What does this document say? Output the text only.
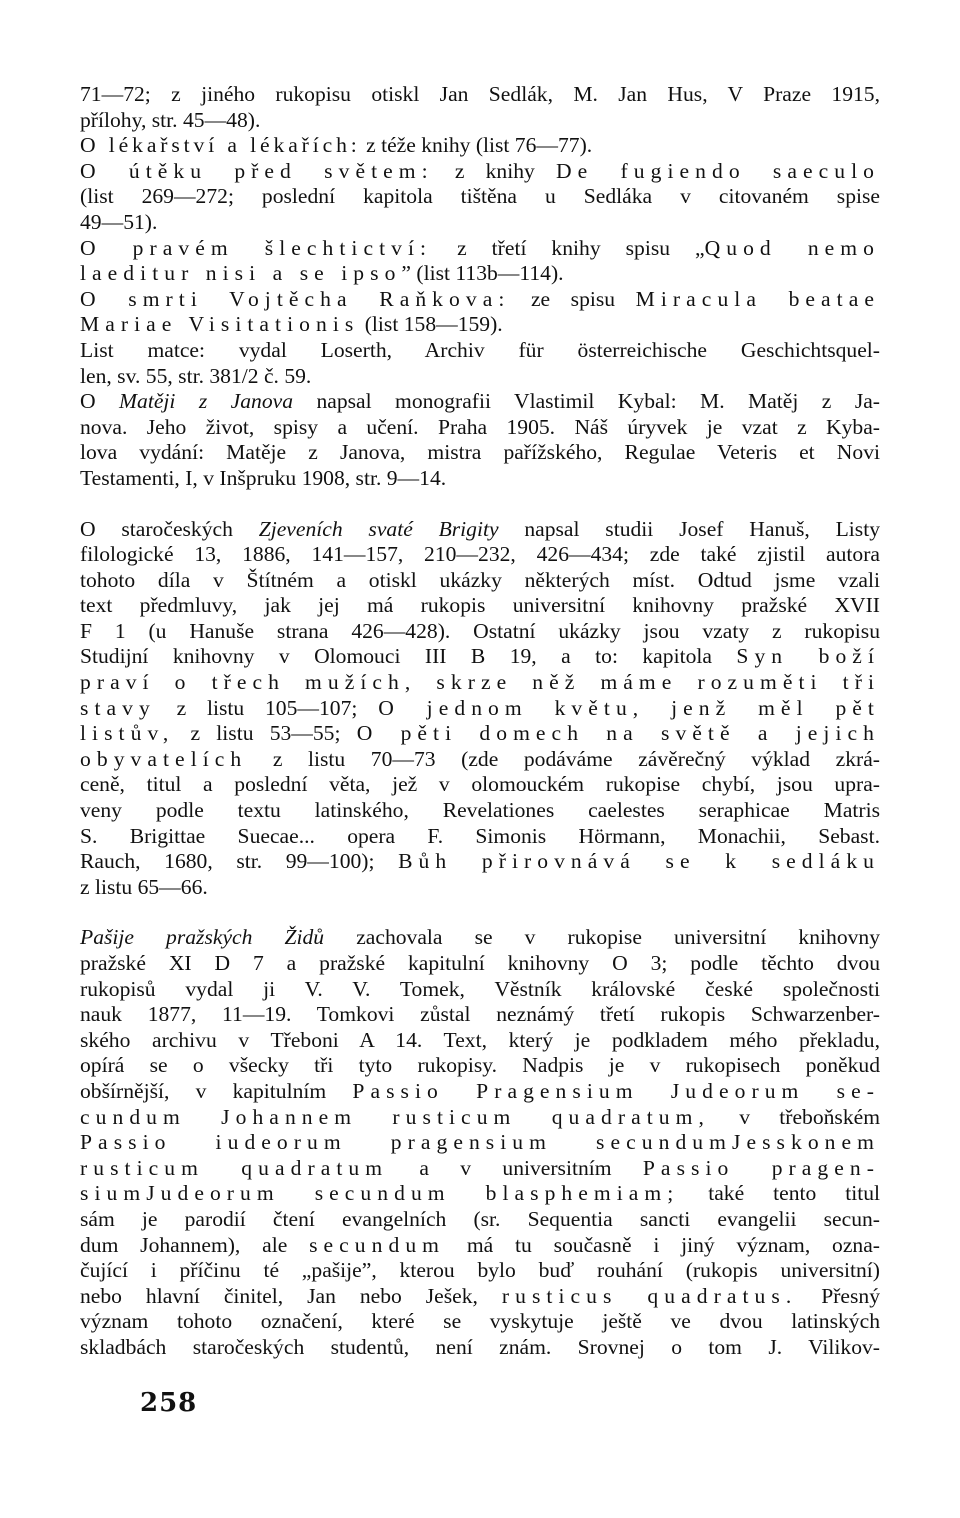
71—72; z jiného rukopisu otiskl Jan Sedlák, M. Jan Hus, V Praze 1915,
přílohy, str. 45—48).
O lékařství a lékařích: z téže knihy (list 76—77).
O útěku před světem: z knihy De fugiendo saeculo
(list 269—272; poslední kapitola tištěna u Sedláka v citovaném spise
49—51).
O pravém šlechtictví: z třetí knihy spisu „Quod nemo
laeditur nisi a se ipso” (list 113b—114).
O smrti Vojtěcha Raňkova: ze spisu Miracula beatae
Mariae Visitationis (list 158—159).
List matce: vydal Loserth, Archiv für österreichische Geschichtsquel-
len, sv. 55, str. 381/2 č. 59.
O Matěji z Janova napsal monografii Vlastimil Kybal: M. Matěj z Ja-
nova. Jeho život, spisy a učení. Praha 1905. Náš úryvek je vzat z Kyba-
lova vydání: Matěje z Janova, mistra pařížského, Regulae Veteris et Novi
Testamenti, I, v Inšpruku 1908, str. 9—14.
O staročeských Zjeveních svaté Brigity napsal studii Josef Hanuš, Listy
filologické 13, 1886, 141—157, 210—232, 426—434; zde také zjistil autora
tohoto díla v Štítném a otiskl ukázky některých míst. Odtud jsme vzali
text předmluvy, jak jej má rukopis universitní knihovny pražské XVII
F 1 (u Hanuše strana 426—428). Ostatní ukázky jsou vzaty z rukopisu
Studijní knihovny v Olomouci III B 19, a to: kapitola Syn boží
praví o třech mužích, skrze něž máme rozuměti tři
stavy z listu 105—107; O jednom květu, jenž měl pět
listův, z listu 53—55; O pěti domech na světě a jejich
obyvatelích z listu 70—73 (zde podáváme závěrečný výklad zkrá-
ceně, titul a poslední věta, jež v olomouckém rukopise chybí, jsou upra-
veny podle textu latinského, Revelationes caelestes seraphicae Matris
S. Brigittae Suecae... opera F. Simonis Hörmann, Monachii, Sebast.
Rauch, 1680, str. 99—100); Bůh přirovnává se k sedláku
z listu 65—66.
Pašije pražských Židů zachovala se v rukopise universitní knihovny
pražské XI D 7 a pražské kapitulní knihovny O 3; podle těchto dvou
rukopisů vydal ji V. V. Tomek, Věstník královské české společnosti
nauk 1877, 11—19. Tomkovi zůstal neznámý třetí rukopis Schwarzenber-
ského archivu v Třeboni A 14. Text, který je podkladem mého překladu,
opírá se o všecky tři tyto rukopisy. Nadpis je v rukopisech poněkud
obšírnější, v kapitulním Passio Pragensium Judeorum se-
cundum Johannem rusticum quadratum, v třeboňském
Passio iudeorum pragensium secundumJesskonem
rusticum quadratum a v universitním Passio pragen-
siumJudeorum secundum blasphemiam; také tento titul
sám je parodií čtení evangelních (sr. Sequentia sancti evangelii secun-
dum Johannem), ale secundum má tu současně i jiný význam, ozna-
čující i příčinu té „pašije”, kterou bylo buď rouhání (rukopis universitní)
nebo hlavní činitel, Jan nebo Ješek, rusticus quadratus. Přesný
význam tohoto označení, které se vyskytuje ještě ve dvou latinských
skladbách staročeských studentů, není znám. Srovnej o tom J. Vilikov-
258
